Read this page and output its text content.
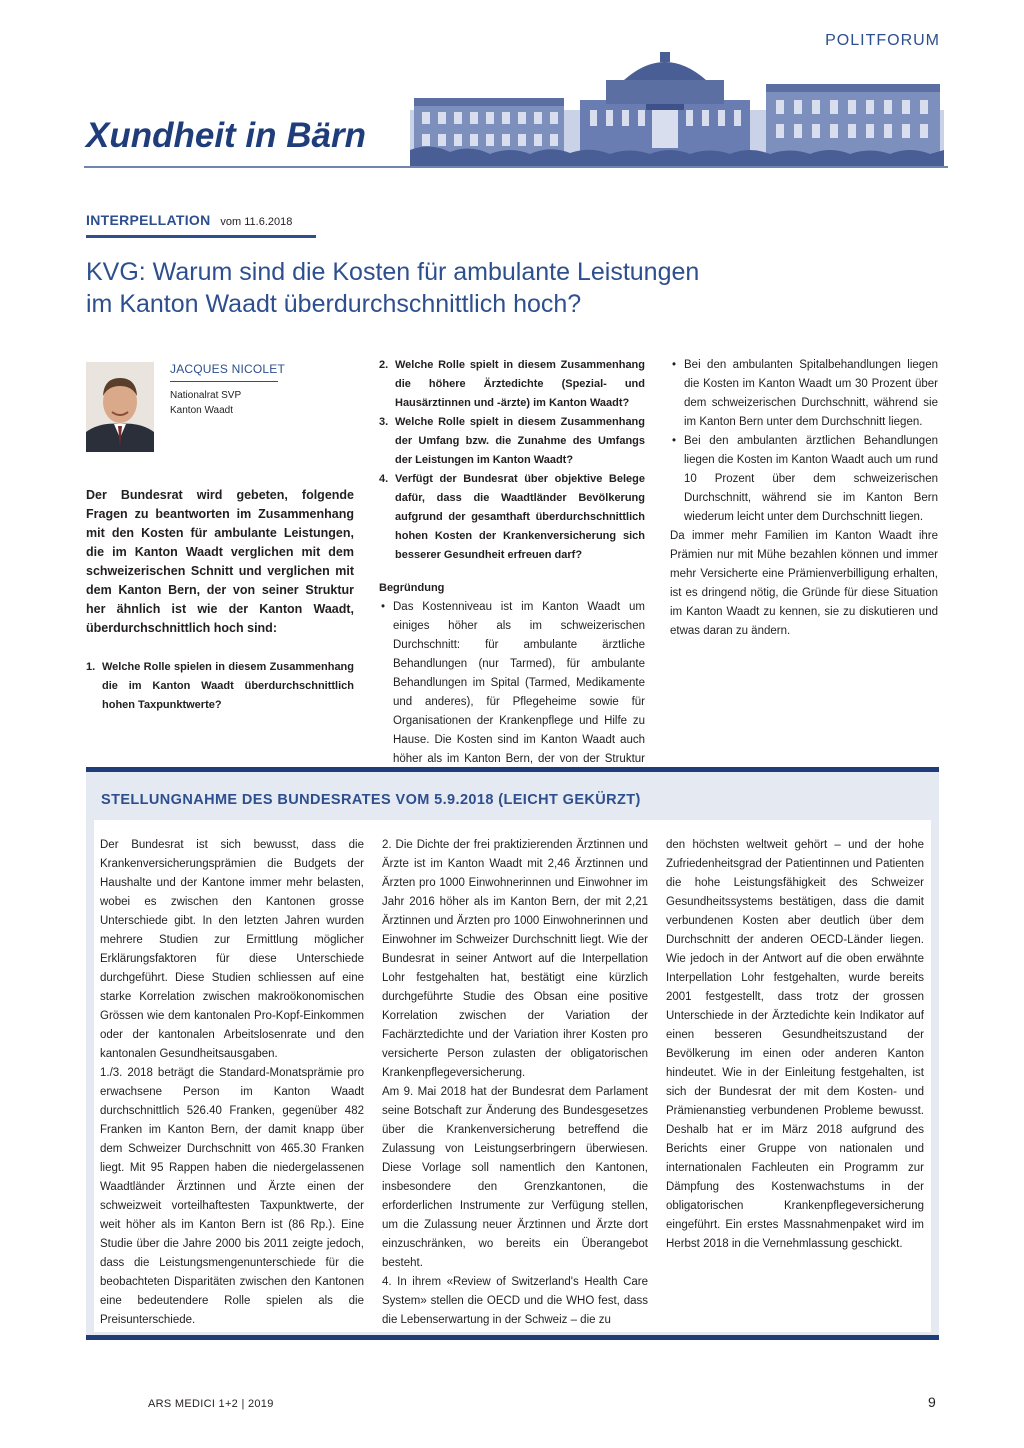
POLITFORUM
Xundheit in Bärn
INTERPELLATION vom 11.6.2018
KVG: Warum sind die Kosten für ambulante Leistungen
im Kanton Waadt überdurchschnittlich hoch?
JACQUES NICOLET
Nationalrat SVP
Kanton Waadt

Der Bundesrat wird gebeten, folgende Fragen zu beantworten im Zusammenhang mit den Kosten für ambulante Leistungen, die im Kanton Waadt verglichen mit dem schweizerischen Schnitt und verglichen mit dem Kanton Bern, der von seiner Struktur her ähnlich ist wie der Kanton Waadt, überdurchschnittlich hoch sind:

1. Welche Rolle spielen in diesem Zusammenhang die im Kanton Waadt überdurchschnittlich hohen Taxpunktwerte?
2. Welche Rolle spielt in diesem Zusammenhang die höhere Ärztedichte (Spezial- und Hausärztinnen und -ärzte) im Kanton Waadt?
3. Welche Rolle spielt in diesem Zusammenhang der Umfang bzw. die Zunahme des Umfangs der Leistungen im Kanton Waadt?
4. Verfügt der Bundesrat über objektive Belege dafür, dass die Waadtländer Bevölkerung aufgrund der gesamthaft überdurchschnittlich hohen Kosten der Krankenversicherung sich besserer Gesundheit erfreuen darf?
Begründung
• Das Kostenniveau ist im Kanton Waadt um einiges höher als im schweizerischen Durchschnitt: für ambulante ärztliche Behandlungen (nur Tarmed), für ambulante Behandlungen im Spital (Tarmed, Medikamente und anderes), für Pflegeheime sowie für Organisationen der Krankenpflege und Hilfe zu Hause. Die Kosten sind im Kanton Waadt auch höher als im Kanton Bern, der von der Struktur
• Bei den ambulanten Spitalbehandlungen liegen die Kosten im Kanton Waadt um 30 Prozent über dem schweizerischen Durchschnitt, während sie im Kanton Bern unter dem Durchschnitt liegen.
• Bei den ambulanten ärztlichen Behandlungen liegen die Kosten im Kanton Waadt auch um rund 10 Prozent über dem schweizerischen Durchschnitt, während sie im Kanton Bern wiederum leicht unter dem Durchschnitt liegen.

Da immer mehr Familien im Kanton Waadt ihre Prämien nur mit Mühe bezahlen können und immer mehr Versicherte eine Prämienverbilligung erhalten, ist es dringend nötig, die Gründe für diese Situation im Kanton Waadt zu kennen, sie zu diskutieren und etwas daran zu ändern.

STELLUNGNAHME DES BUNDESRATES VOM 5.9.2018 (LEICHT GEKÜRZT)

Der Bundesrat ist sich bewusst, dass die Krankenversicherungsprämien die Budgets der Haushalte und der Kantone immer mehr belasten, wobei es zwischen den Kantonen grosse Unterschiede gibt. In den letzten Jahren wurden mehrere Studien zur Ermittlung möglicher Erklärungsfaktoren für diese Unterschiede durchgeführt. Diese Studien schliessen auf eine starke Korrelation zwischen makroökonomischen Grössen wie dem kantonalen Pro-Kopf-Einkommen oder der kantonalen Arbeitslosenrate und den kantonalen Gesundheitsausgaben.

1./3. 2018 beträgt die Standard-Monatsprämie pro erwachsene Person im Kanton Waadt durchschnittlich 526.40 Franken, gegenüber 482 Franken im Kanton Bern, der damit knapp über dem Schweizer Durchschnitt von 465.30 Franken liegt. Mit 95 Rappen haben die niedergelassenen Waadtländer Ärztinnen und Ärzte einen der schweizweit vorteilhaftesten Taxpunktwerte, der weit höher als im Kanton Bern ist (86 Rp.). Eine Studie über die Jahre 2000 bis 2011 zeigte jedoch, dass die Leistungsmengenunterschiede für die beobachteten Disparitäten zwischen den Kantonen eine bedeutendere Rolle spielen als die Preisunterschiede.

2. Die Dichte der frei praktizierenden Ärztinnen und Ärzte ist im Kanton Waadt mit 2,46 Ärztinnen und Ärzten pro 1000 Einwohnerinnen und Einwohner im Jahr 2016 höher als im Kanton Bern, der mit 2,21 Ärztinnen und Ärzten pro 1000 Einwohnerinnen und Einwohner im Schweizer Durchschnitt liegt. Wie der Bundesrat in seiner Antwort auf die Interpellation Lohr festgehalten hat, bestätigt eine kürzlich durchgeführte Studie des Obsan eine positive Korrelation zwischen der Variation der Fachärztedichte und der Variation ihrer Kosten pro versicherte Person zulasten der obligatorischen Krankenpflegeversicherung.

Am 9. Mai 2018 hat der Bundesrat dem Parlament seine Botschaft zur Änderung des Bundesgesetzes über die Krankenversicherung betreffend die Zulassung von Leistungserbringern überwiesen. Diese Vorlage soll namentlich den Kantonen, insbesondere den Grenzkantonen, die erforderlichen Instrumente zur Verfügung stellen, um die Zulassung neuer Ärztinnen und Ärzte dort einzuschränken, wo bereits ein Überangebot besteht.

4. In ihrem «Review of Switzerland's Health Care System» stellen die OECD und die WHO fest, dass die Lebenserwartung in der Schweiz – die zu

den höchsten weltweit gehört – und der hohe Zufriedenheitsgrad der Patientinnen und Patienten die hohe Leistungsfähigkeit des Schweizer Gesundheitssystems bestätigen, dass die damit verbundenen Kosten aber deutlich über dem Durchschnitt der anderen OECD-Länder liegen. Wie jedoch in der Antwort auf die oben erwähnte Interpellation Lohr festgehalten, wurde bereits 2001 festgestellt, dass trotz der grossen Unterschiede in der Ärztedichte kein Indikator auf einen besseren Gesundheitszustand der Bevölkerung im einen oder anderen Kanton hindeutet. Wie in der Einleitung festgehalten, ist sich der Bundesrat der mit dem Kosten- und Prämienanstieg verbundenen Probleme bewusst. Deshalb hat er im März 2018 aufgrund des Berichts einer Gruppe von nationalen und internationalen Fachleuten ein Programm zur Dämpfung des Kostenwachstums in der obligatorischen Krankenpflegeversicherung eingeführt. Ein erstes Massnahmenpaket wird im Herbst 2018 in die Vernehmlassung geschickt.

ARS MEDICI 1+2 | 2019	9
